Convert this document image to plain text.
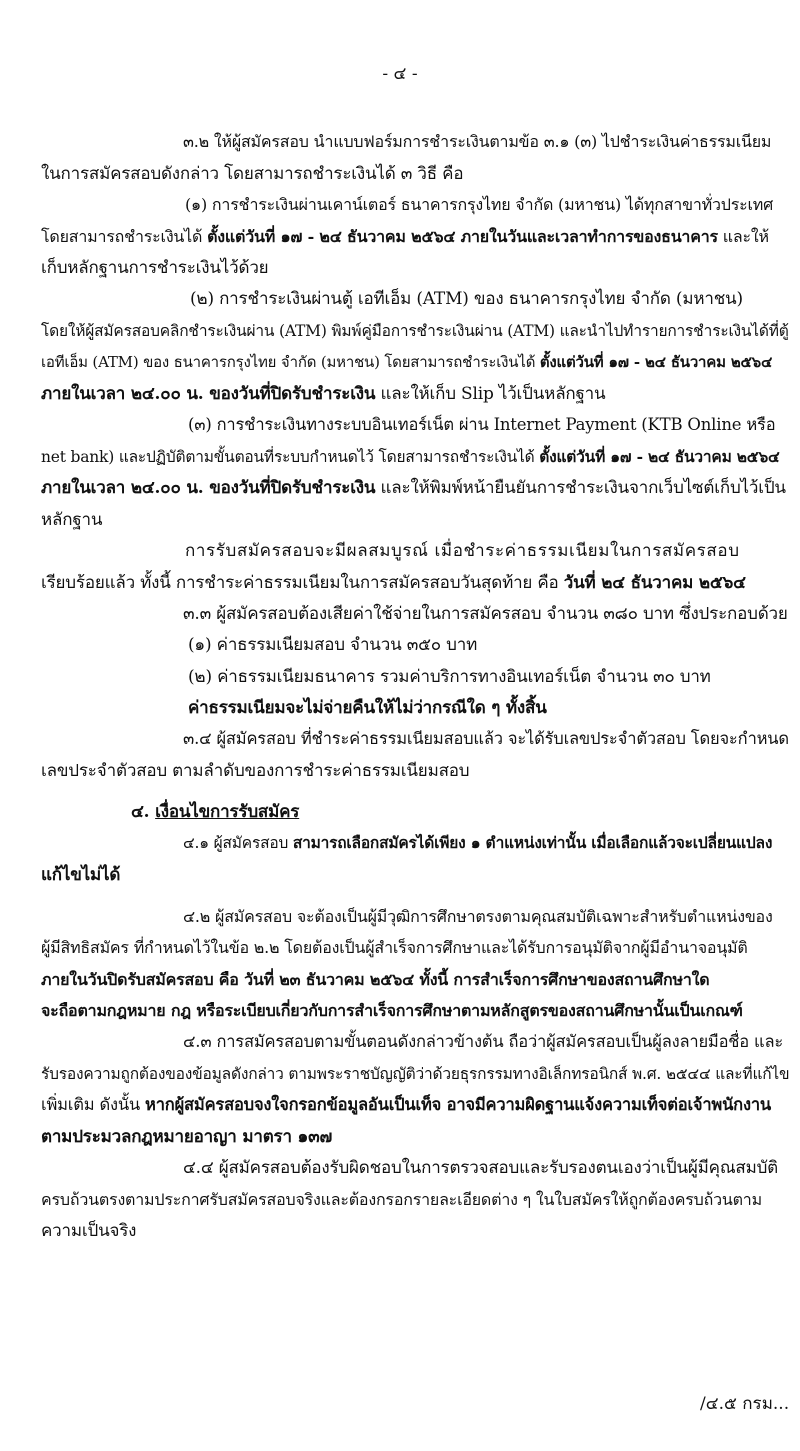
- ๔ -
๓.๒ ให้ผู้สมัครสอบ นำแบบฟอร์มการชำระเงินตามข้อ ๓.๑ (๓) ไปชำระเงินค่าธรรมเนียม
ในการสมัครสอบดังกล่าว โดยสามารถชำระเงินได้ ๓ วิธี คือ
(๑) การชำระเงินผ่านเคาน์เตอร์ ธนาคารกรุงไทย จำกัด (มหาชน) ได้ทุกสาขาทั่วประเทศ
โดยสามารถชำระเงินได้ ตั้งแต่วันที่ ๑๗ - ๒๔ ธันวาคม ๒๕๖๔ ภายในวันและเวลาทำการของธนาคาร และให้
เก็บหลักฐานการชำระเงินไว้ด้วย
(๒) การชำระเงินผ่านตู้ เอทีเอ็ม (ATM) ของ ธนาคารกรุงไทย จำกัด (มหาชน)
โดยให้ผู้สมัครสอบคลิกชำระเงินผ่าน (ATM) พิมพ์คู่มือการชำระเงินผ่าน (ATM) และนำไปทำรายการชำระเงินได้ที่ตู้
เอทีเอ็ม (ATM) ของ ธนาคารกรุงไทย จำกัด (มหาชน) โดยสามารถชำระเงินได้ ตั้งแต่วันที่ ๑๗ - ๒๔ ธันวาคม ๒๕๖๔
ภายในเวลา ๒๔.๐๐ น. ของวันที่ปิดรับชำระเงิน และให้เก็บ Slip ไว้เป็นหลักฐาน
(๓) การชำระเงินทางระบบอินเทอร์เน็ต ผ่าน Internet Payment (KTB Online หรือ
net bank) และปฏิบัติตามขั้นตอนที่ระบบกำหนดไว้ โดยสามารถชำระเงินได้ ตั้งแต่วันที่ ๑๗ - ๒๔ ธันวาคม ๒๕๖๔
ภายในเวลา ๒๔.๐๐ น. ของวันที่ปิดรับชำระเงิน และให้พิมพ์หน้ายืนยันการชำระเงินจากเว็บไซต์เก็บไว้เป็น
หลักฐาน
การรับสมัครสอบจะมีผลสมบูรณ์ เมื่อชำระค่าธรรมเนียมในการสมัครสอบ
เรียบร้อยแล้ว ทั้งนี้ การชำระค่าธรรมเนียมในการสมัครสอบวันสุดท้าย คือ วันที่ ๒๔ ธันวาคม ๒๕๖๔
๓.๓ ผู้สมัครสอบต้องเสียค่าใช้จ่ายในการสมัครสอบ จำนวน ๓๘๐ บาท ซึ่งประกอบด้วย
(๑) ค่าธรรมเนียมสอบ จำนวน ๓๕๐ บาท
(๒) ค่าธรรมเนียมธนาคาร รวมค่าบริการทางอินเทอร์เน็ต จำนวน ๓๐ บาท
ค่าธรรมเนียมจะไม่จ่ายคืนให้ไม่ว่ากรณีใด ๆ ทั้งสิ้น
๓.๔ ผู้สมัครสอบ ที่ชำระค่าธรรมเนียมสอบแล้ว จะได้รับเลขประจำตัวสอบ โดยจะกำหนด
เลขประจำตัวสอบ ตามลำดับของการชำระค่าธรรมเนียมสอบ
๔. เงื่อนไขการรับสมัคร
๔.๑ ผู้สมัครสอบ สามารถเลือกสมัครได้เพียง ๑ ตำแหน่งเท่านั้น เมื่อเลือกแล้วจะเปลี่ยนแปลง
แก้ไขไม่ได้
๔.๒ ผู้สมัครสอบ จะต้องเป็นผู้มีวุฒิการศึกษาตรงตามคุณสมบัติเฉพาะสำหรับตำแหน่งของ
ผู้มีสิทธิสมัคร ที่กำหนดไว้ในข้อ ๒.๒ โดยต้องเป็นผู้สำเร็จการศึกษาและได้รับการอนุมัติจากผู้มีอำนาจอนุมัติ
ภายในวันปิดรับสมัครสอบ คือ วันที่ ๒๓ ธันวาคม ๒๕๖๔ ทั้งนี้ การสำเร็จการศึกษาของสถานศึกษาใด
จะถือตามกฎหมาย กฎ หรือระเบียบเกี่ยวกับการสำเร็จการศึกษาตามหลักสูตรของสถานศึกษานั้นเป็นเกณฑ์
๔.๓ การสมัครสอบตามขั้นตอนดังกล่าวข้างต้น ถือว่าผู้สมัครสอบเป็นผู้ลงลายมือชื่อ และ
รับรองความถูกต้องของข้อมูลดังกล่าว ตามพระราชบัญญัติว่าด้วยธุรกรรมทางอิเล็กทรอนิกส์ พ.ศ. ๒๕๔๔ และที่แก้ไข
เพิ่มเติม ดังนั้น หากผู้สมัครสอบจงใจกรอกข้อมูลอันเป็นเท็จ อาจมีความผิดฐานแจ้งความเท็จต่อเจ้าพนักงาน
ตามประมวลกฎหมายอาญา มาตรา ๑๓๗
๔.๔ ผู้สมัครสอบต้องรับผิดชอบในการตรวจสอบและรับรองตนเองว่าเป็นผู้มีคุณสมบัติ
ครบถ้วนตรงตามประกาศรับสมัครสอบจริงและต้องกรอกรายละเอียดต่าง ๆ ในใบสมัครให้ถูกต้องครบถ้วนตาม
ความเป็นจริง
/๔.๕ กรม...
